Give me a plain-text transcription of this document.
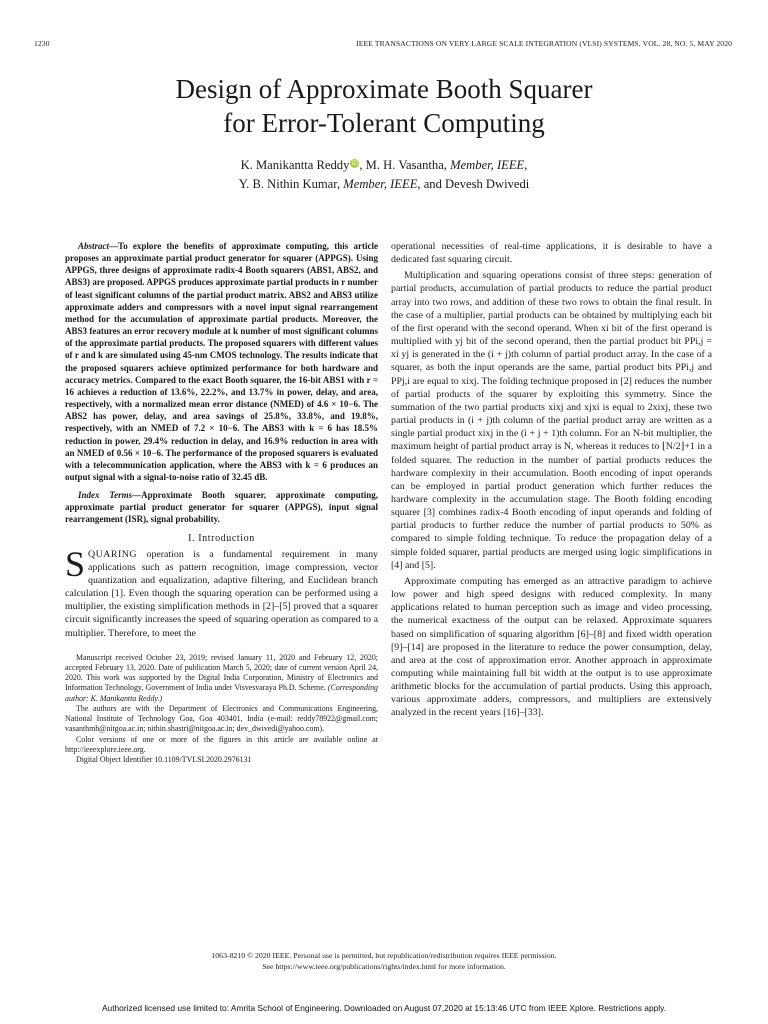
1230	IEEE TRANSACTIONS ON VERY LARGE SCALE INTEGRATION (VLSI) SYSTEMS, VOL. 28, NO. 5, MAY 2020
Design of Approximate Booth Squarer
for Error-Tolerant Computing
K. Manikantta Reddy iD, M. H. Vasantha, Member, IEEE,
Y. B. Nithin Kumar, Member, IEEE, and Devesh Dwivedi

Abstract—To explore the benefits of approximate computing, this article proposes an approximate partial product generator for squarer (APPGS). Using APPGS, three designs of approximate radix-4 Booth squarers (ABS1, ABS2, and ABS3) are proposed. APPGS produces approximate partial products in r number of least significant columns of the partial product matrix. ABS2 and ABS3 utilize approximate adders and compressors with a novel input signal rearrangement method for the accumulation of approximate partial products. Moreover, the ABS3 features an error recovery module at k number of most significant columns of the approximate partial products. The proposed squarers with different values of r and k are simulated using 45-nm CMOS technology. The results indicate that the proposed squarers achieve optimized performance for both hardware and accuracy metrics. Compared to the exact Booth squarer, the 16-bit ABS1 with r = 16 achieves a reduction of 13.6%, 22.2%, and 13.7% in power, delay, and area, respectively, with a normalized mean error distance (NMED) of 4.6 × 10−6. The ABS2 has power, delay, and area savings of 25.8%, 33.8%, and 19.8%, respectively, with an NMED of 7.2 × 10−6. The ABS3 with k = 6 has 18.5% reduction in power, 29.4% reduction in delay, and 16.9% reduction in area with an NMED of 0.56 × 10−6. The performance of the proposed squarers is evaluated with a telecommunication application, where the ABS3 with k = 6 produces an output signal with a signal-to-noise ratio of 32.45 dB.

Index Terms—Approximate Booth squarer, approximate computing, approximate partial product generator for squarer (APPGS), input signal rearrangement (ISR), signal probability.

I. Introduction

SQUARING operation is a fundamental requirement in many applications such as pattern recognition, image compression, vector quantization and equalization, adaptive filtering, and Euclidean branch calculation [1]. Even though the squaring operation can be performed using a multiplier, the existing simplification methods in [2]–[5] proved that a squarer circuit significantly increases the speed of squaring operation as compared to a multiplier. Therefore, to meet the

Manuscript received October 23, 2019; revised January 11, 2020 and February 12, 2020; accepted February 13, 2020. Date of publication March 5, 2020; date of current version April 24, 2020. This work was supported by the Digital India Corporation, Ministry of Electronics and Information Technology, Government of India under Visvesvaraya Ph.D. Scheme. (Corresponding author: K. Manikantta Reddy.)

The authors are with the Department of Electronics and Communications Engineering, National Institute of Technology Goa, Goa 403401, India (e-mail: reddy78922@gmail.com; vasanthmh@nitgoa.ac.in; nithin.shastri@nitgoa.ac.in; dev_dwivedi@yahoo.com).

Color versions of one or more of the figures in this article are available online at http://ieeexplore.ieee.org.

Digital Object Identifier 10.1109/TVLSI.2020.2976131

operational necessities of real-time applications, it is desirable to have a dedicated fast squaring circuit.

Multiplication and squaring operations consist of three steps: generation of partial products, accumulation of partial products to reduce the partial product array into two rows, and addition of these two rows to obtain the final result. In the case of a multiplier, partial products can be obtained by multiplying each bit of the first operand with the second operand. When xi bit of the first operand is multiplied with yj bit of the second operand, then the partial product bit PPi,j = xi yj is generated in the (i + j)th column of partial product array. In the case of a squarer, as both the input operands are the same, partial product bits PPi,j and PPj,i are equal to xixj. The folding technique proposed in [2] reduces the number of partial products of the squarer by exploiting this symmetry. Since the summation of the two partial products xixj and xjxi is equal to 2xixj, these two partial products in (i + j)th column of the partial product array are written as a single partial product xixj in the (i + j + 1)th column. For an N-bit multiplier, the maximum height of partial product array is N, whereas it reduces to ⌊N/2⌋+1 in a folded squarer. The reduction in the number of partial products reduces the hardware complexity in their accumulation. Booth encoding of input operands can be employed in partial product generation which further reduces the hardware complexity in the accumulation stage. The Booth folding encoding squarer [3] combines radix-4 Booth encoding of input operands and folding of partial products to further reduce the number of partial products to 50% as compared to simple folding technique. To reduce the propagation delay of a simple folded squarer, partial products are merged using logic simplifications in [4] and [5].

Approximate computing has emerged as an attractive paradigm to achieve low power and high speed designs with reduced complexity. In many applications related to human perception such as image and video processing, the numerical exactness of the output can be relaxed. Approximate squarers based on simplification of squaring algorithm [6]–[8] and fixed width operation [9]–[14] are proposed in the literature to reduce the power consumption, delay, and area at the cost of approximation error. Another approach in approximate computing while maintaining full bit width at the output is to use approximate arithmetic blocks for the accumulation of partial products. Using this approach, various approximate adders, compressors, and multipliers are extensively analyzed in the recent years [16]–[33].

1063-8210 © 2020 IEEE. Personal use is permitted, but republication/redistribution requires IEEE permission.
See https://www.ieee.org/publications/rights/index.html for more information.
Authorized licensed use limited to: Amrita School of Engineering. Downloaded on August 07,2020 at 15:13:46 UTC from IEEE Xplore. Restrictions apply.
